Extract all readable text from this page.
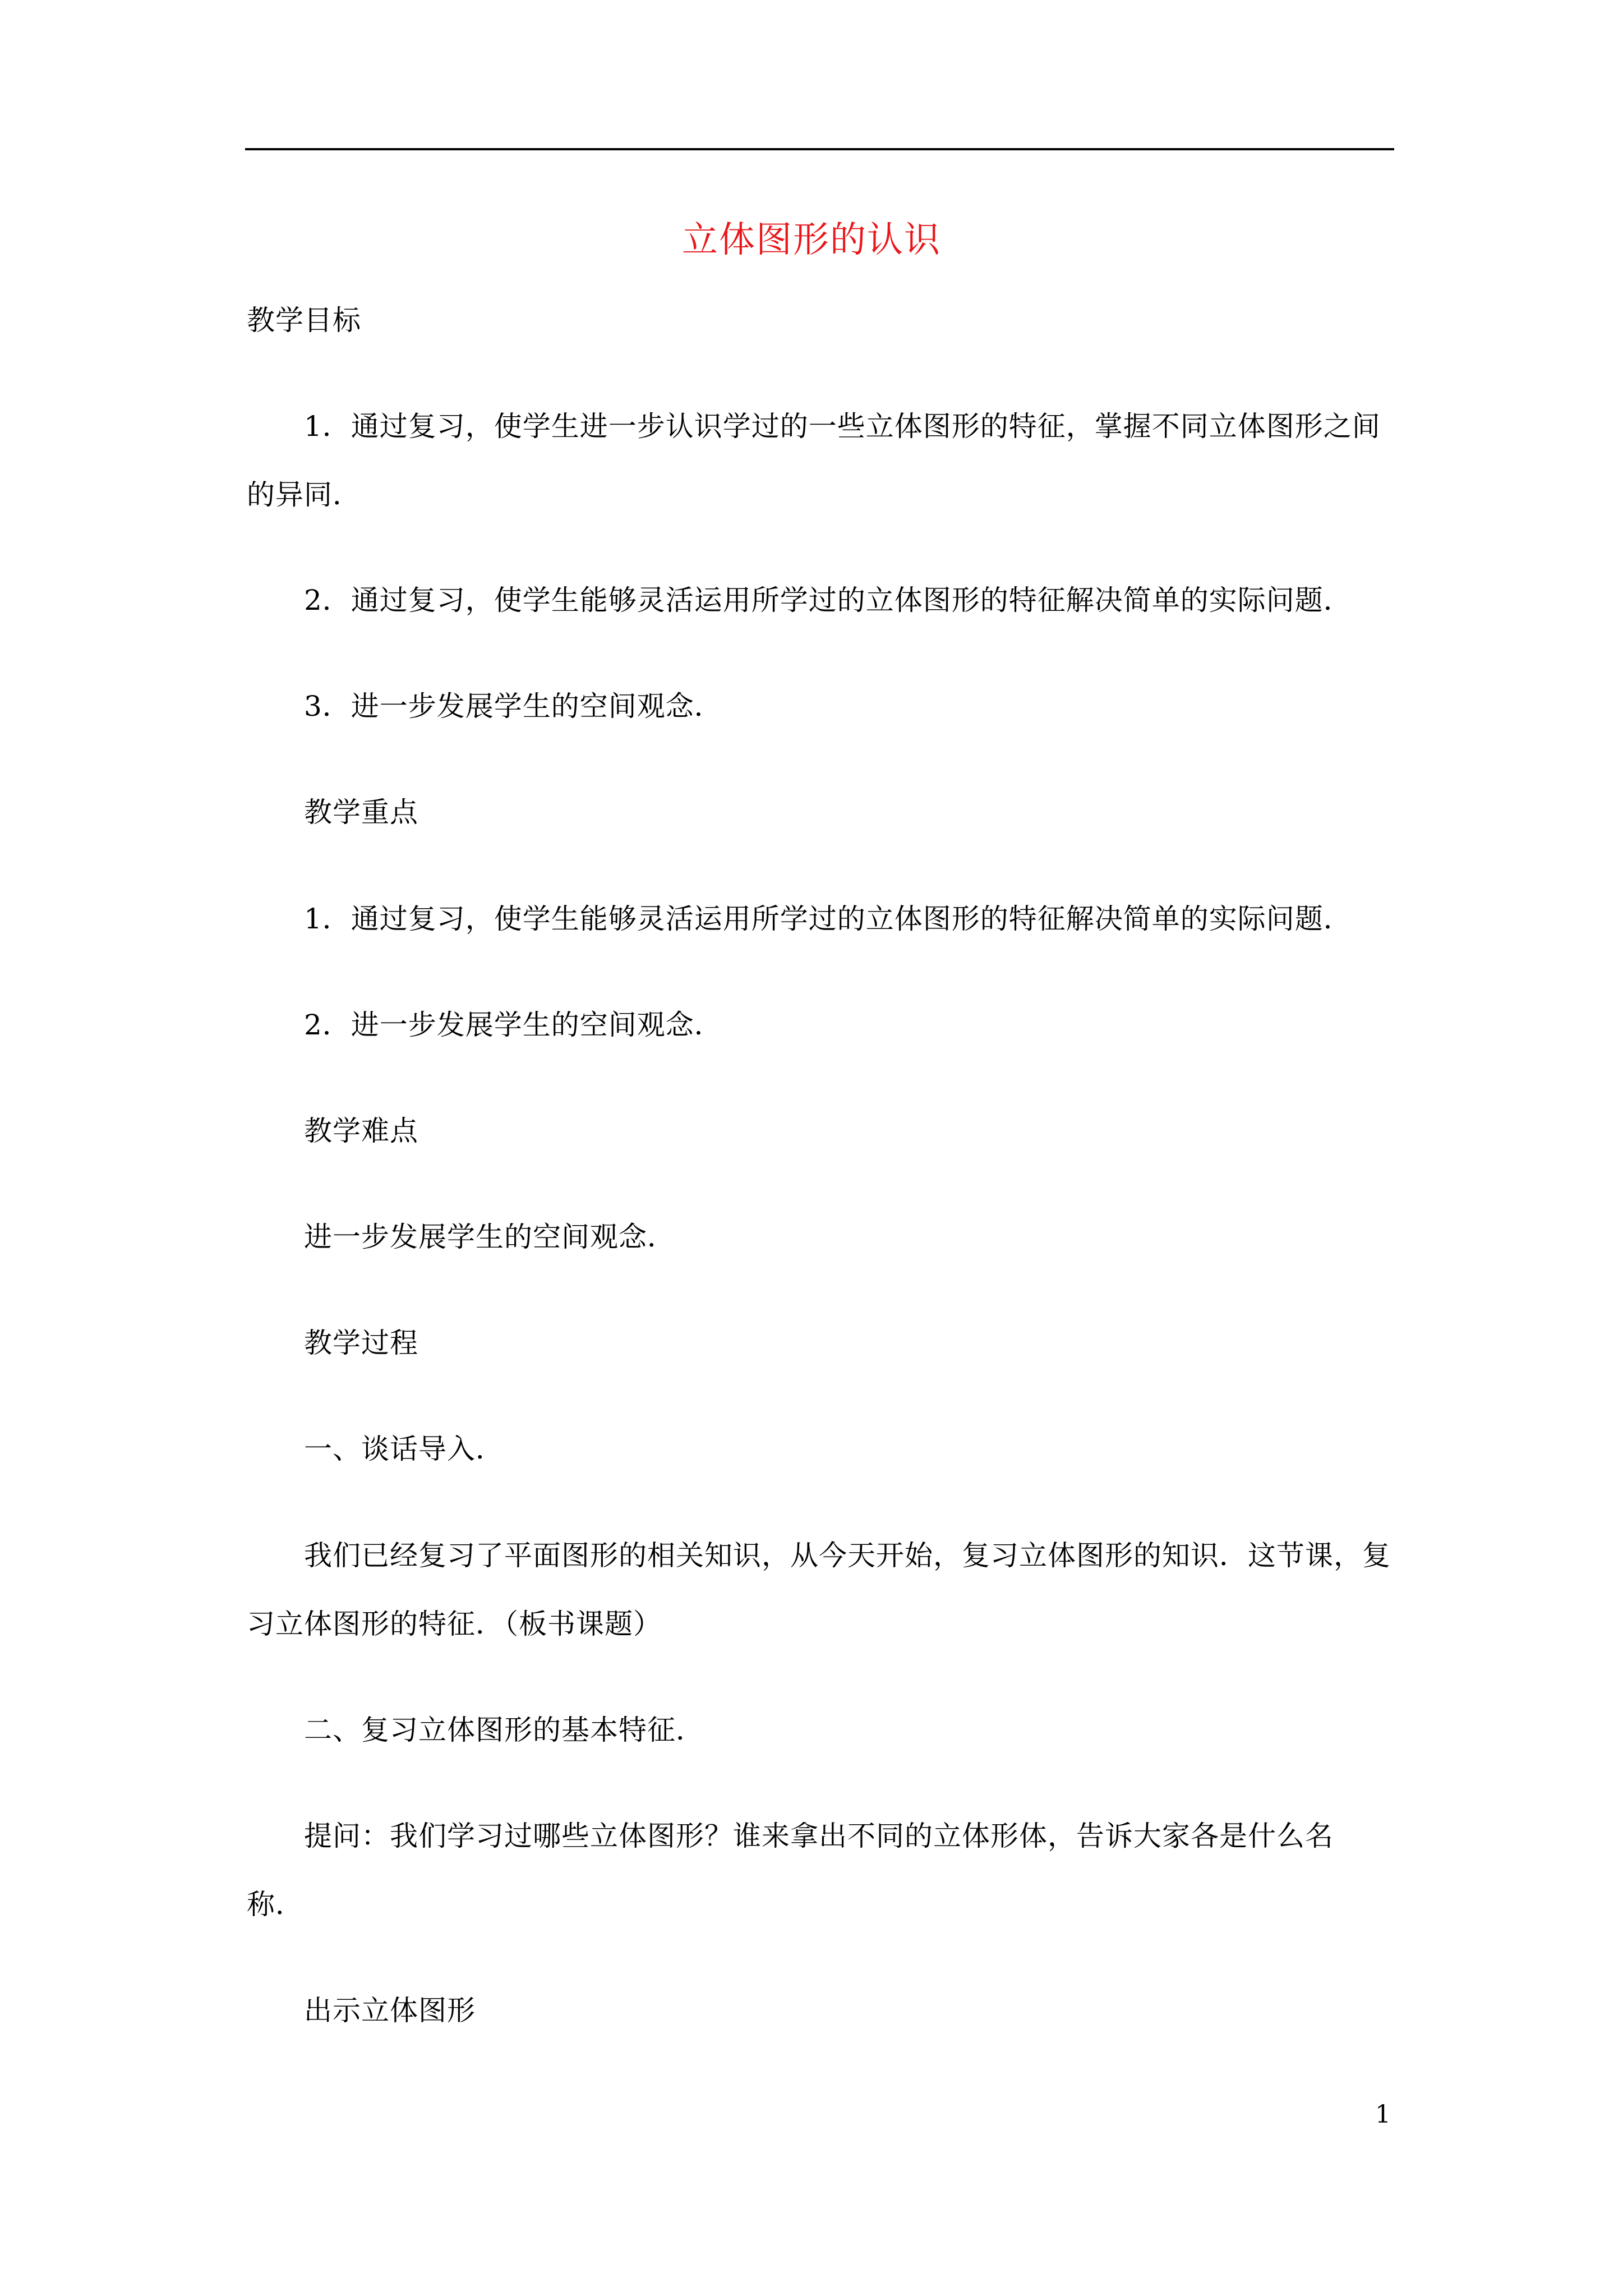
立体图形的认识
教学目标
1．通过复习，使学生进一步认识学过的一些立体图形的特征，掌握不同立体图形之间
的异同．
2．通过复习，使学生能够灵活运用所学过的立体图形的特征解决简单的实际问题．
3．进一步发展学生的空间观念．
教学重点
1．通过复习，使学生能够灵活运用所学过的立体图形的特征解决简单的实际问题．
2．进一步发展学生的空间观念．
教学难点
进一步发展学生的空间观念．
教学过程
一、谈话导入．
我们已经复习了平面图形的相关知识，从今天开始，复习立体图形的知识．这节课，复
习立体图形的特征．（板书课题）
二、复习立体图形的基本特征．
提问：我们学习过哪些立体图形？谁来拿出不同的立体形体，告诉大家各是什么名
称．
出示立体图形
1
